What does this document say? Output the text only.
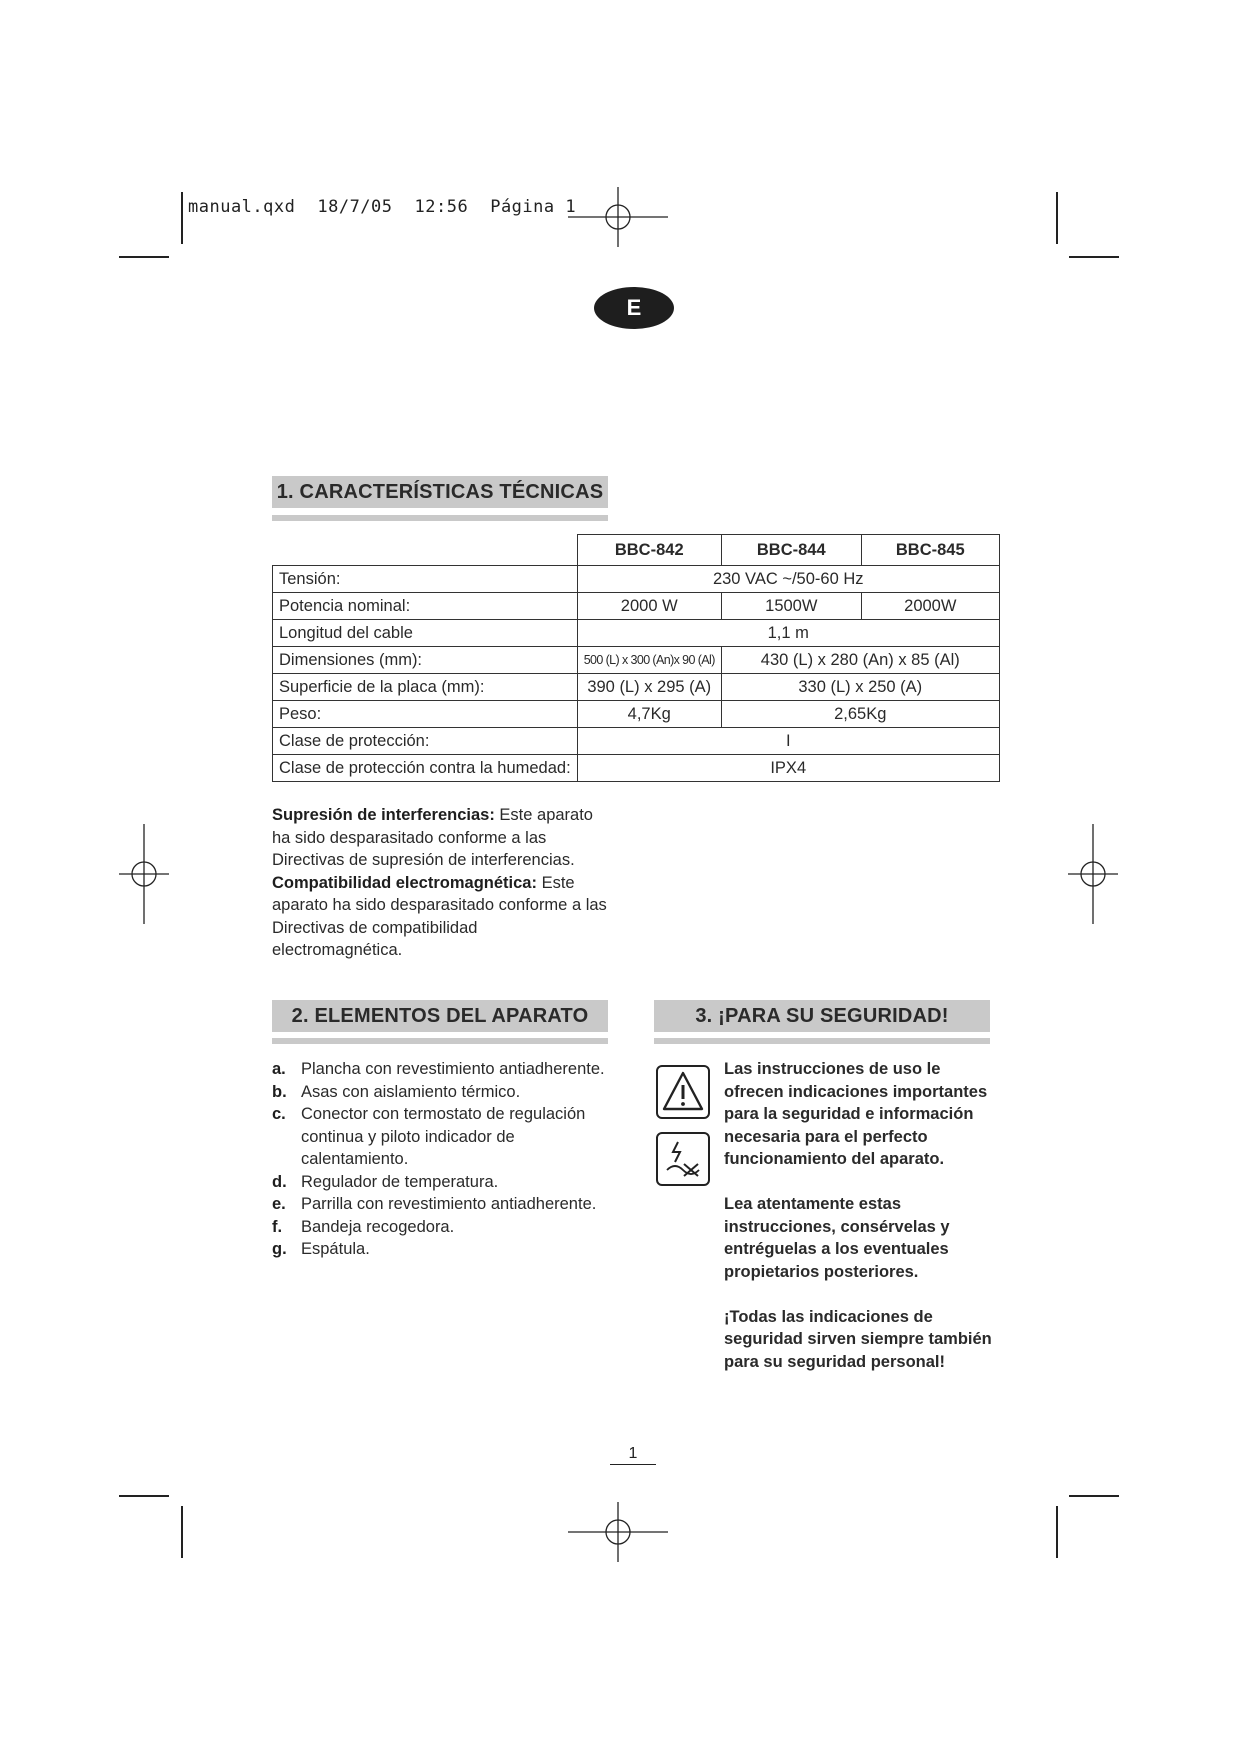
manual.qxd 18/7/05 12:56 Página 1
E
1. CARACTERÍSTICAS TÉCNICAS
	BBC-842	BBC-844	BBC-845
Tensión:	230 VAC ~/50-60 Hz		
Potencia nominal:	2000 W	1500W	2000W
Longitud del cable	1,1 m		
Dimensiones (mm):	500 (L) x 300 (An)x 90 (Al)	430 (L) x 280 (An) x 85 (Al)	
Superficie de la placa (mm):	390 (L) x 295 (A)	330 (L) x 250 (A)	
Peso:	4,7Kg	2,65Kg	
Clase de protección:	I		
Clase de protección contra la humedad:	IPX4		
Supresión de interferencias: Este aparato ha sido desparasitado conforme a las Directivas de supresión de interferencias.
Compatibilidad electromagnética: Este aparato ha sido desparasitado conforme a las Directivas de compatibilidad electromagnética.
2. ELEMENTOS DEL APARATO
a. Plancha con revestimiento antiadherente.
b. Asas con aislamiento térmico.
c. Conector con termostato de regulación continua y piloto indicador de calentamiento.
d. Regulador de temperatura.
e. Parrilla con revestimiento antiadherente.
f. Bandeja recogedora.
g. Espátula.
3. ¡PARA SU SEGURIDAD!

Las instrucciones de uso le ofrecen indicaciones importantes para la seguridad e información necesaria para el perfecto funcionamiento del aparato.

Lea atentamente estas instrucciones, consérvelas y entréguelas a los eventuales propietarios posteriores.

¡Todas las indicaciones de seguridad sirven siempre también para su seguridad personal!

1
